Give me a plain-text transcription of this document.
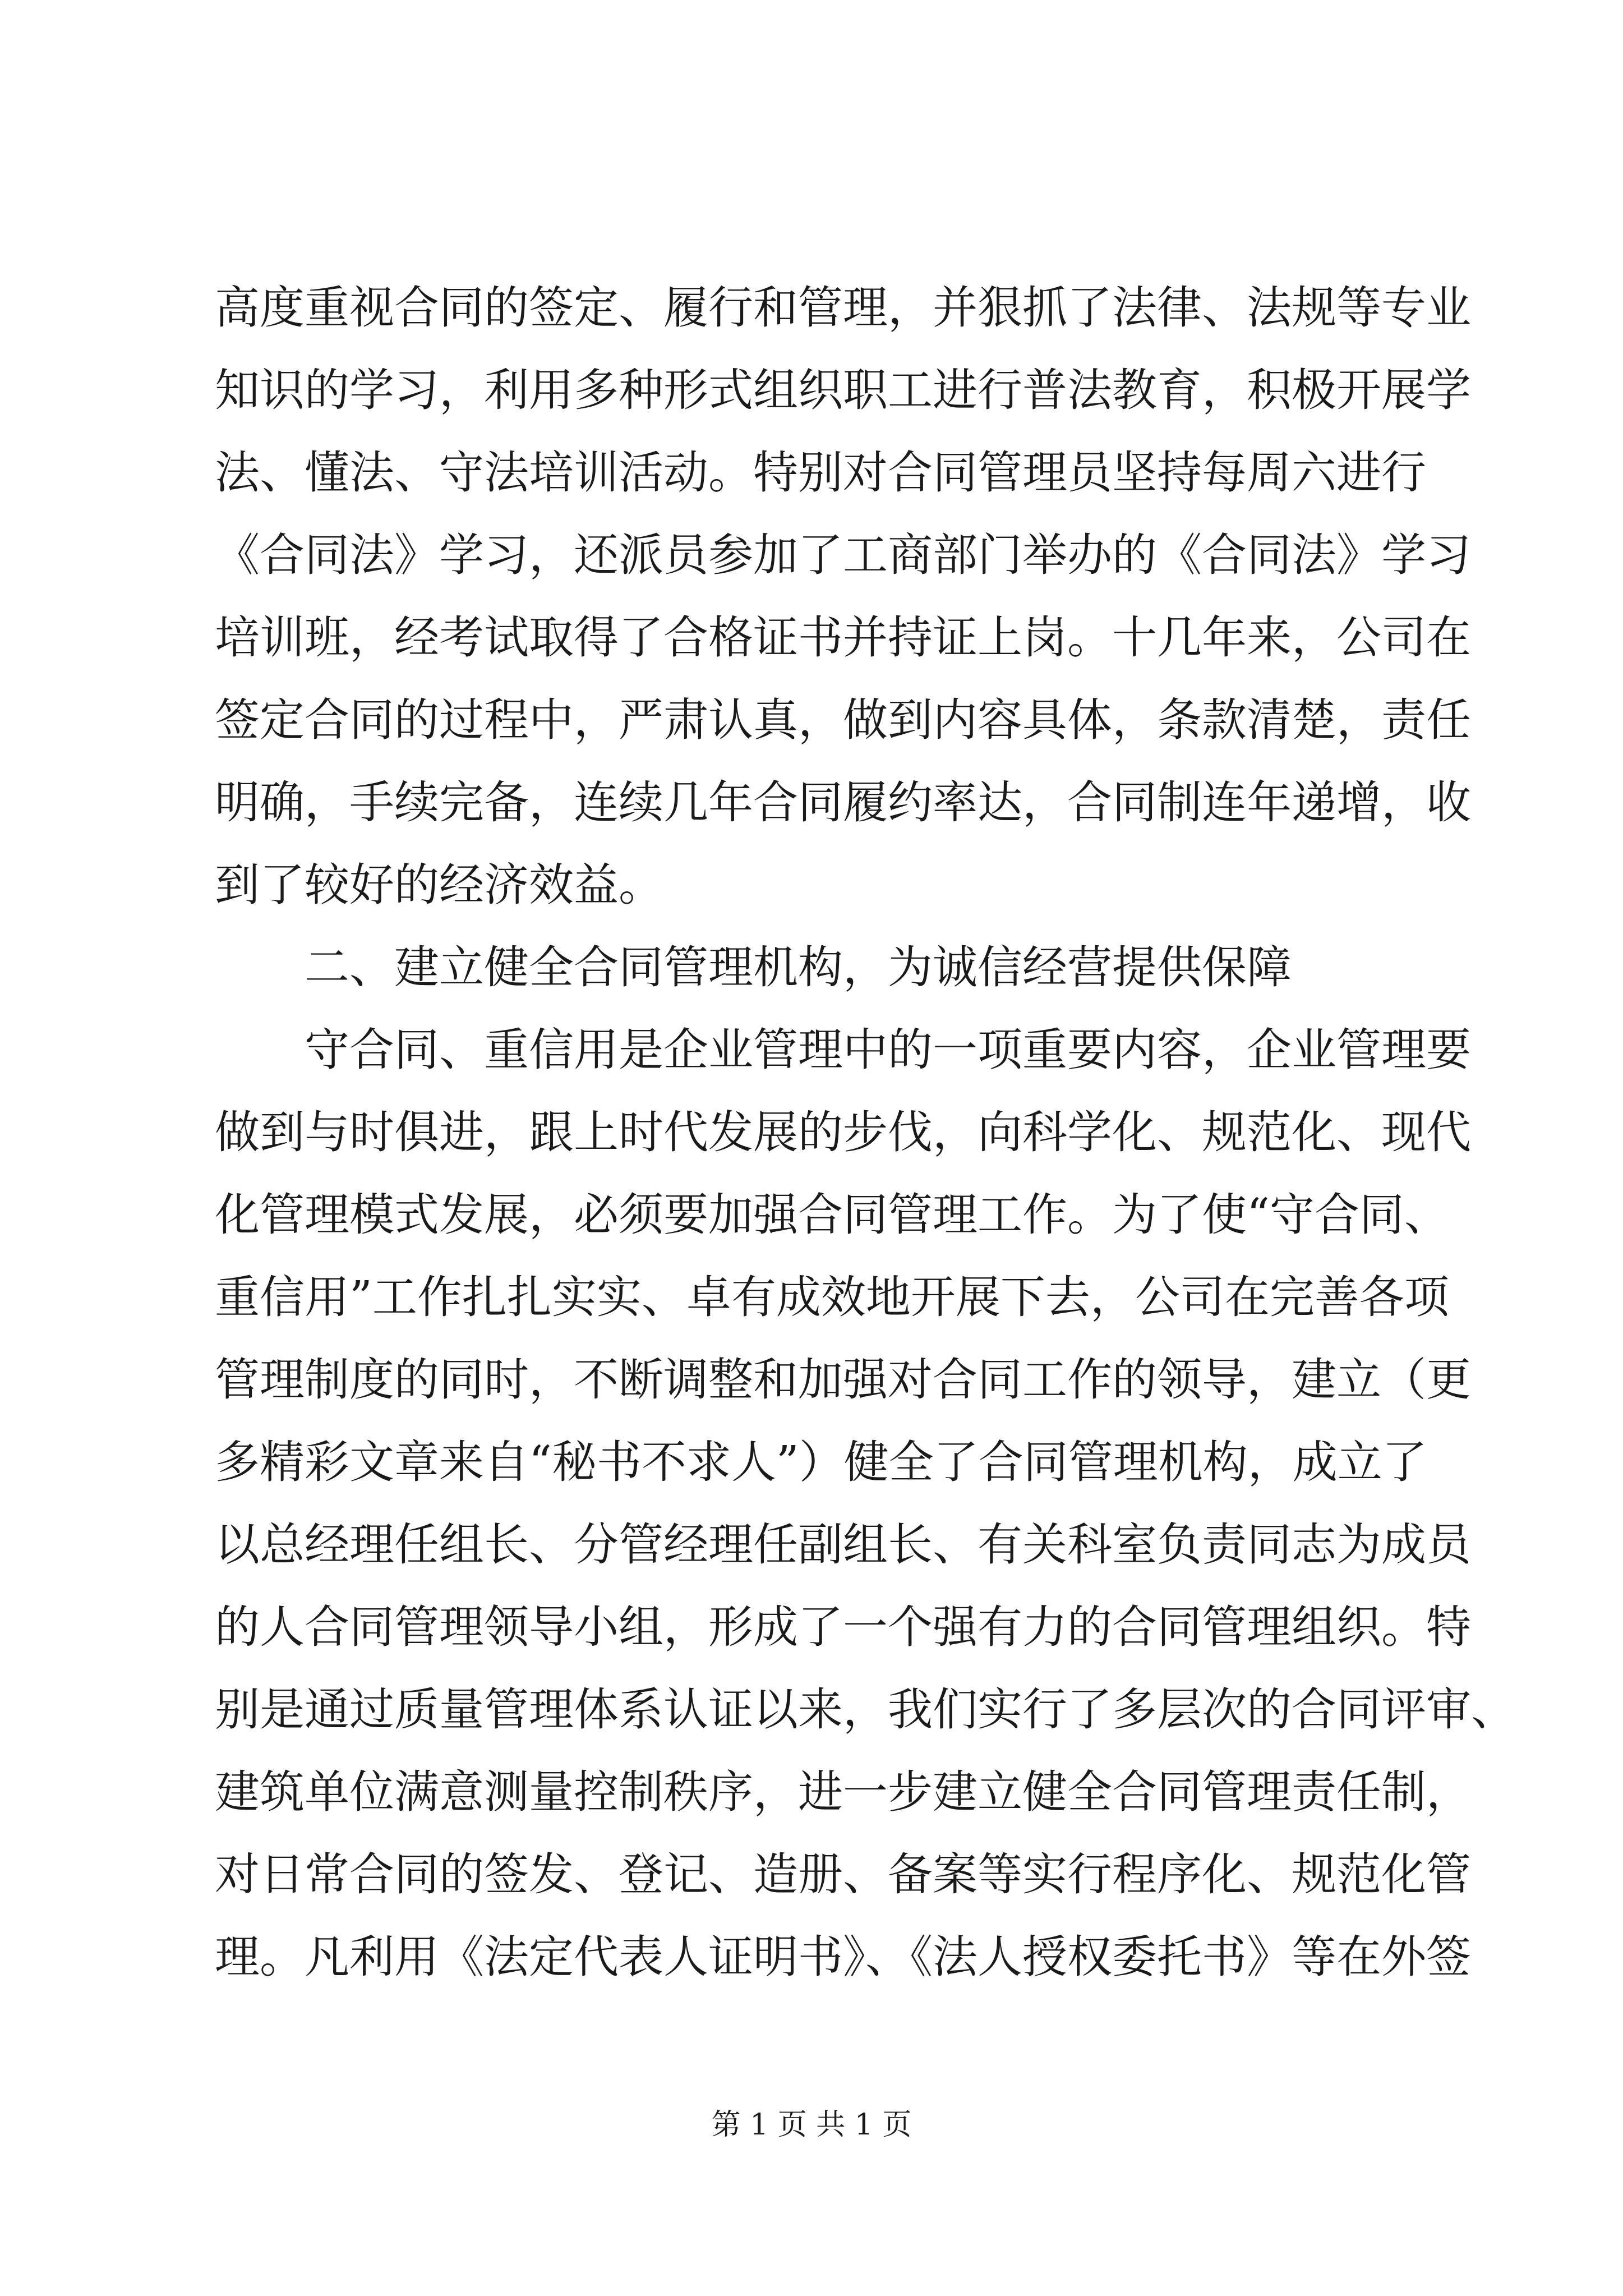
高度重视合同的签定、履行和管理，并狠抓了法律、法规等专业
知识的学习，利用多种形式组织职工进行普法教育，积极开展学
法、懂法、守法培训活动。特别对合同管理员坚持每周六进行
《合同法》学习，还派员参加了工商部门举办的《合同法》学习
培训班，经考试取得了合格证书并持证上岗。十几年来，公司在
签定合同的过程中，严肃认真，做到内容具体，条款清楚，责任
明确，手续完备，连续几年合同履约率达，合同制连年递增，收
到了较好的经济效益。
二、建立健全合同管理机构，为诚信经营提供保障
守合同、重信用是企业管理中的一项重要内容，企业管理要
做到与时俱进，跟上时代发展的步伐，向科学化、规范化、现代
化管理模式发展，必须要加强合同管理工作。为了使“守合同、
重信用”工作扎扎实实、卓有成效地开展下去，公司在完善各项
管理制度的同时，不断调整和加强对合同工作的领导，建立（更
多精彩文章来自“秘书不求人”）健全了合同管理机构，成立了
以总经理任组长、分管经理任副组长、有关科室负责同志为成员
的人合同管理领导小组，形成了一个强有力的合同管理组织。特
别是通过质量管理体系认证以来，我们实行了多层次的合同评审、
建筑单位满意测量控制秩序，进一步建立健全合同管理责任制，
对日常合同的签发、登记、造册、备案等实行程序化、规范化管
理。凡利用《法定代表人证明书》、《法人授权委托书》等在外签
第 1 页 共 1 页
